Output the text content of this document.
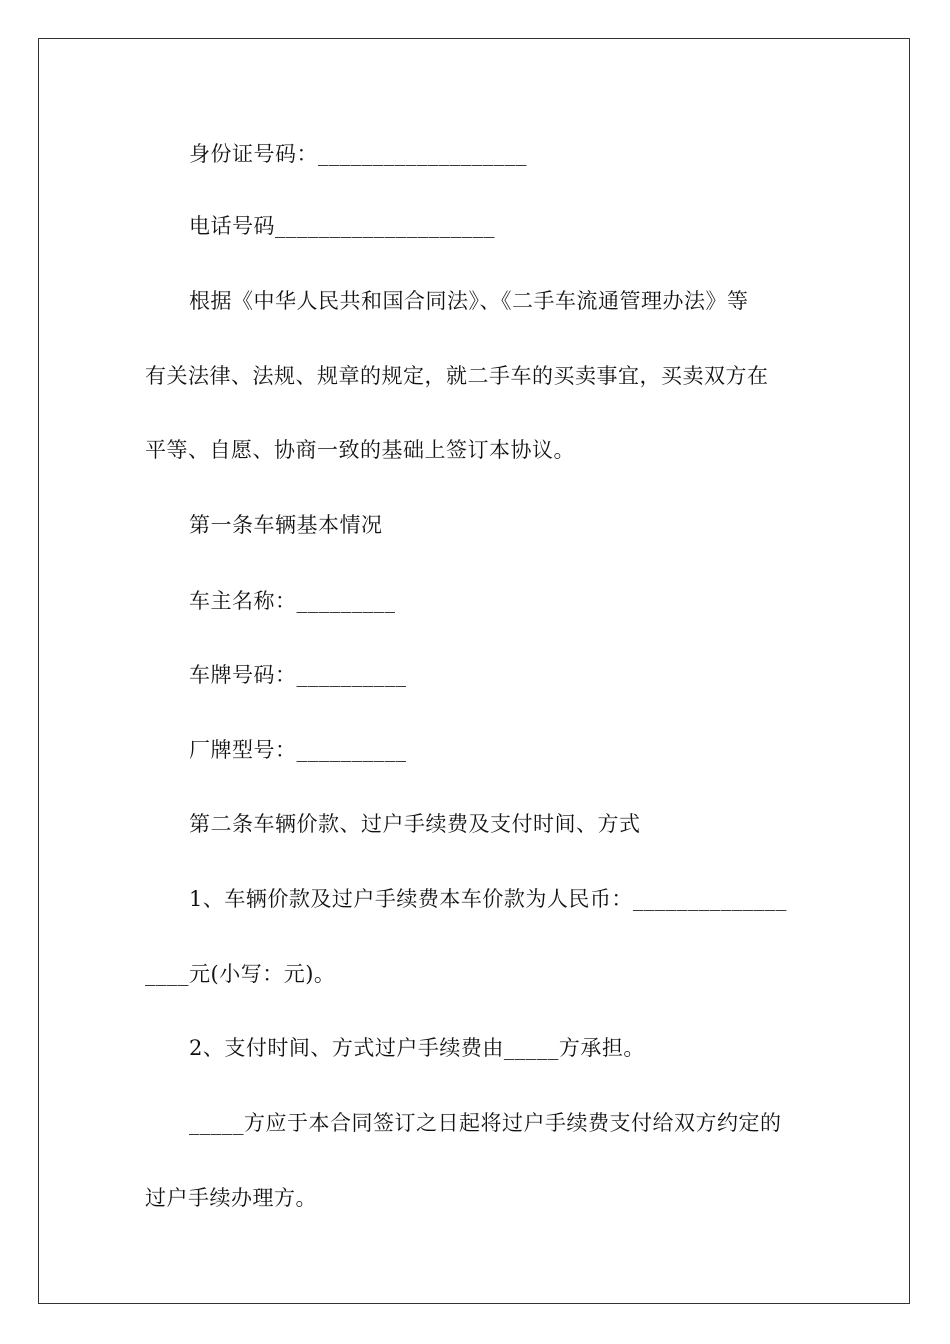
身份证号码：___________________
电话号码____________________
根据《中华人民共和国合同法》、《二手车流通管理办法》等
有关法律、法规、规章的规定，就二手车的买卖事宜，买卖双方在
平等、自愿、协商一致的基础上签订本协议。
第一条车辆基本情况
车主名称：_________
车牌号码：__________
厂牌型号：__________
第二条车辆价款、过户手续费及支付时间、方式
1、车辆价款及过户手续费本车价款为人民币：______________
____元(小写：元)。
2、支付时间、方式过户手续费由_____方承担。
_____方应于本合同签订之日起将过户手续费支付给双方约定的
过户手续办理方。
